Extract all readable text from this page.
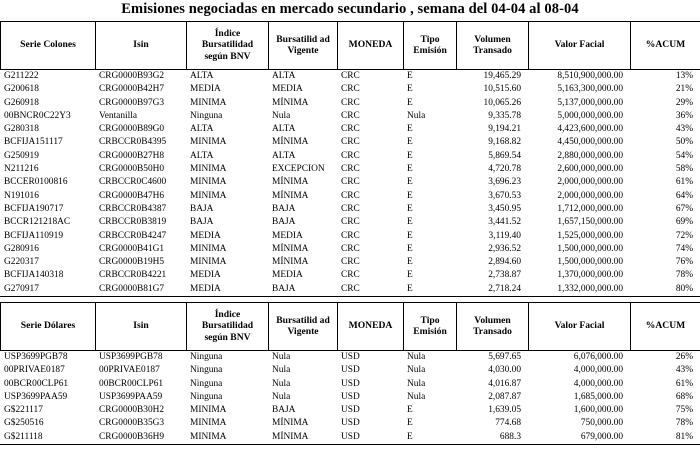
Emisiones negociadas en mercado secundario , semana del 04-04 al 08-04
Serie Colones	Isin	Índice Bursatilidad según BNV	Bursatilid ad Vigente	MONEDA	Tipo Emisión	Volumen Transado	Valor Facial	%ACUM
G211222	CRG0000B93G2	ALTA	ALTA	CRC	E	19,465.29	8,510,900,000.00	13%
G200618	CRG0000B42H7	MEDIA	MEDIA	CRC	E	10,515.60	5,163,300,000.00	21%
G260918	CRG0000B97G3	MINIMA	MÍNIMA	CRC	E	10,065.26	5,137,000,000.00	29%
00BNCR0C22Y3	Ventanilla	Ninguna	Nula	CRC	Nula	9,335.78	5,000,000,000.00	36%
G280318	CRG0000B89G0	ALTA	ALTA	CRC	E	9,194.21	4,423,600,000.00	43%
BCFIJA151117	CRBCCR0B4395	MINIMA	MÍNIMA	CRC	E	9,168.82	4,450,000,000.00	50%
G250919	CRG0000B27H8	ALTA	ALTA	CRC	E	5,869.54	2,880,000,000.00	54%
N211216	CRG0000B50H0	MINIMA	EXCEPCION	CRC	E	4,720.78	2,600,000,000.00	58%
BCCER0100816	CRBCCR0C4600	MINIMA	MÍNIMA	CRC	E	3,696.23	2,000,000,000.00	61%
N191016	CRG0000B47H6	MINIMA	MÍNIMA	CRC	E	3,670.53	2,000,000,000.00	64%
BCFIJA190717	CRBCCR0B4387	BAJA	BAJA	CRC	E	3,450.95	1,712,000,000.00	67%
BCCR121218AC	CRBCCR0B3819	BAJA	BAJA	CRC	E	3,441.52	1,657,150,000.00	69%
BCFIJA110919	CRBCCR0B4247	MEDIA	MEDIA	CRC	E	3,119.40	1,525,000,000.00	72%
G280916	CRG0000B41G1	MINIMA	MÍNIMA	CRC	E	2,936.52	1,500,000,000.00	74%
G220317	CRG0000B19H5	MINIMA	MÍNIMA	CRC	E	2,894.60	1,500,000,000.00	76%
BCFIJA140318	CRBCCR0B4221	MEDIA	MEDIA	CRC	E	2,738.87	1,370,000,000.00	78%
G270917	CRG0000B81G7	MEDIA	BAJA	CRC	E	2,718.24	1,332,000,000.00	80%
Serie Dólares	Isin	Índice Bursatilidad según BNV	Bursatilid ad Vigente	MONEDA	Tipo Emisión	Volumen Transado	Valor Facial	%ACUM
USP3699PGB78	USP3699PGB78	Ninguna	Nula	USD	Nula	5,697.65	6,076,000.00	26%
00PRIVAE0187	00PRIVAE0187	Ninguna	Nula	USD	Nula	4,030.00	4,000,000.00	43%
00BCR00CLP61	00BCR00CLP61	Ninguna	Nula	USD	Nula	4,016.87	4,000,000.00	61%
USP3699PAA59	USP3699PAA59	Ninguna	Nula	USD	Nula	2,087.87	1,685,000.00	68%
G$221117	CRG0000B30H2	MINIMA	BAJA	USD	E	1,639.05	1,600,000.00	75%
G$250516	CRG0000B35G3	MINIMA	MÍNIMA	USD	E	774.68	750,000.00	78%
G$211118	CRG0000B36H9	MINIMA	MÍNIMA	USD	E	688.3	679,000.00	81%
